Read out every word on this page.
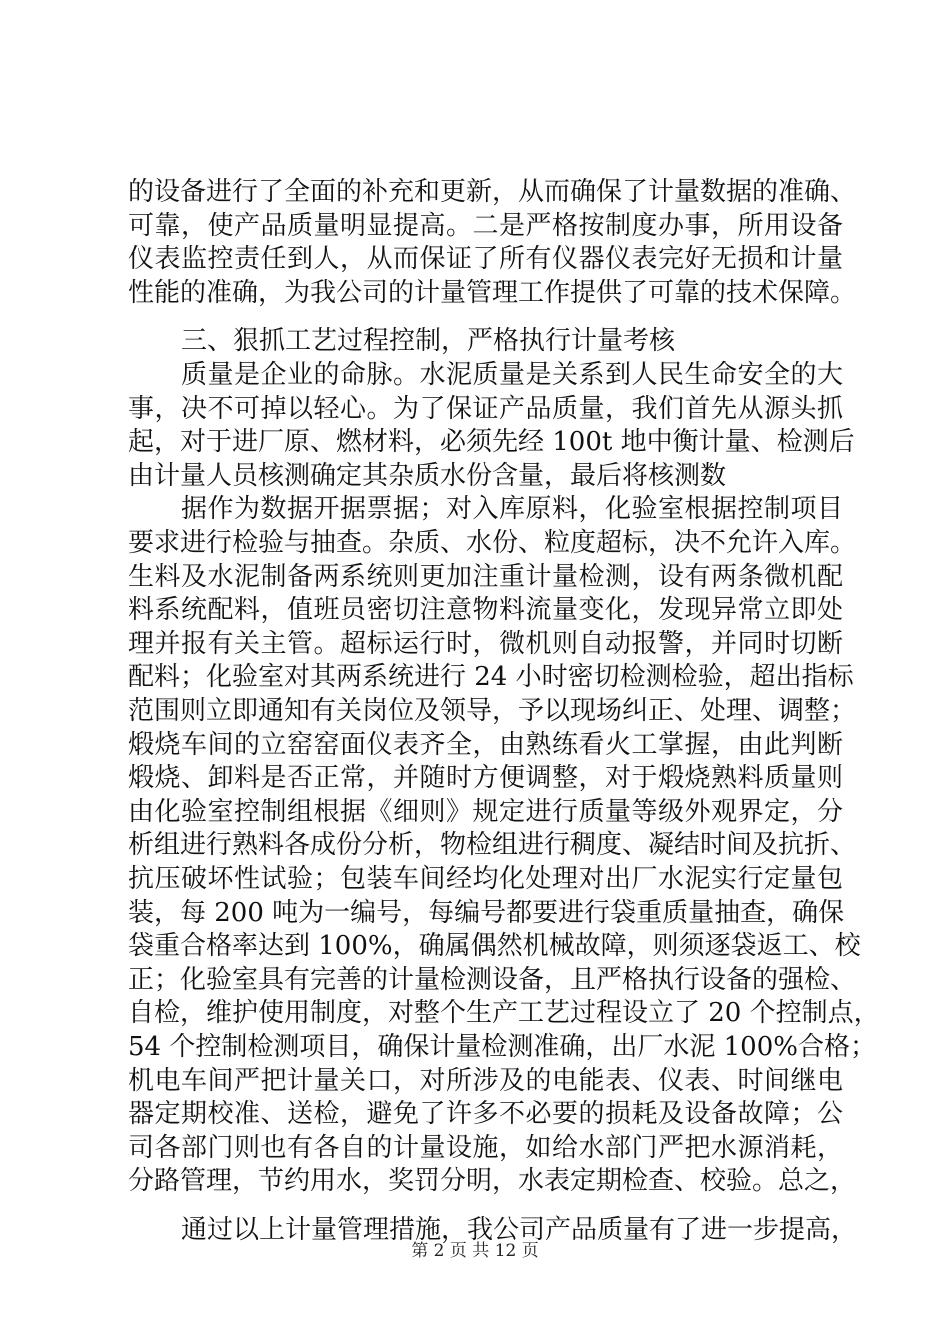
的设备进行了全面的补充和更新，从而确保了计量数据的准确、
可靠，使产品质量明显提高。二是严格按制度办事，所用设备
仪表监控责任到人，从而保证了所有仪器仪表完好无损和计量
性能的准确，为我公司的计量管理工作提供了可靠的技术保障。
三、狠抓工艺过程控制，严格执行计量考核
质量是企业的命脉。水泥质量是关系到人民生命安全的大
事，决不可掉以轻心。为了保证产品质量，我们首先从源头抓
起，对于进厂原、燃材料，必须先经 100t 地中衡计量、检测后
由计量人员核测确定其杂质水份含量，最后将核测数
据作为数据开据票据；对入库原料，化验室根据控制项目
要求进行检验与抽查。杂质、水份、粒度超标，决不允许入库。
生料及水泥制备两系统则更加注重计量检测，设有两条微机配
料系统配料，值班员密切注意物料流量变化，发现异常立即处
理并报有关主管。超标运行时，微机则自动报警，并同时切断
配料；化验室对其两系统进行 24 小时密切检测检验，超出指标
范围则立即通知有关岗位及领导，予以现场纠正、处理、调整；
煅烧车间的立窑窑面仪表齐全，由熟练看火工掌握，由此判断
煅烧、卸料是否正常，并随时方便调整，对于煅烧熟料质量则
由化验室控制组根据《细则》规定进行质量等级外观界定，分
析组进行熟料各成份分析，物检组进行稠度、凝结时间及抗折、
抗压破坏性试验；包装车间经均化处理对出厂水泥实行定量包
装，每 200 吨为一编号，每编号都要进行袋重质量抽查，确保
袋重合格率达到 100%，确属偶然机械故障，则须逐袋返工、校
正；化验室具有完善的计量检测设备，且严格执行设备的强检、
自检，维护使用制度，对整个生产工艺过程设立了 20 个控制点，
54 个控制检测项目，确保计量检测准确，出厂水泥 100%合格；
机电车间严把计量关口，对所涉及的电能表、仪表、时间继电
器定期校准、送检，避免了许多不必要的损耗及设备故障；公
司各部门则也有各自的计量设施，如给水部门严把水源消耗，
分路管理，节约用水，奖罚分明，水表定期检查、校验。总之，
通过以上计量管理措施，我公司产品质量有了进一步提高，
第 2 页 共 12 页
